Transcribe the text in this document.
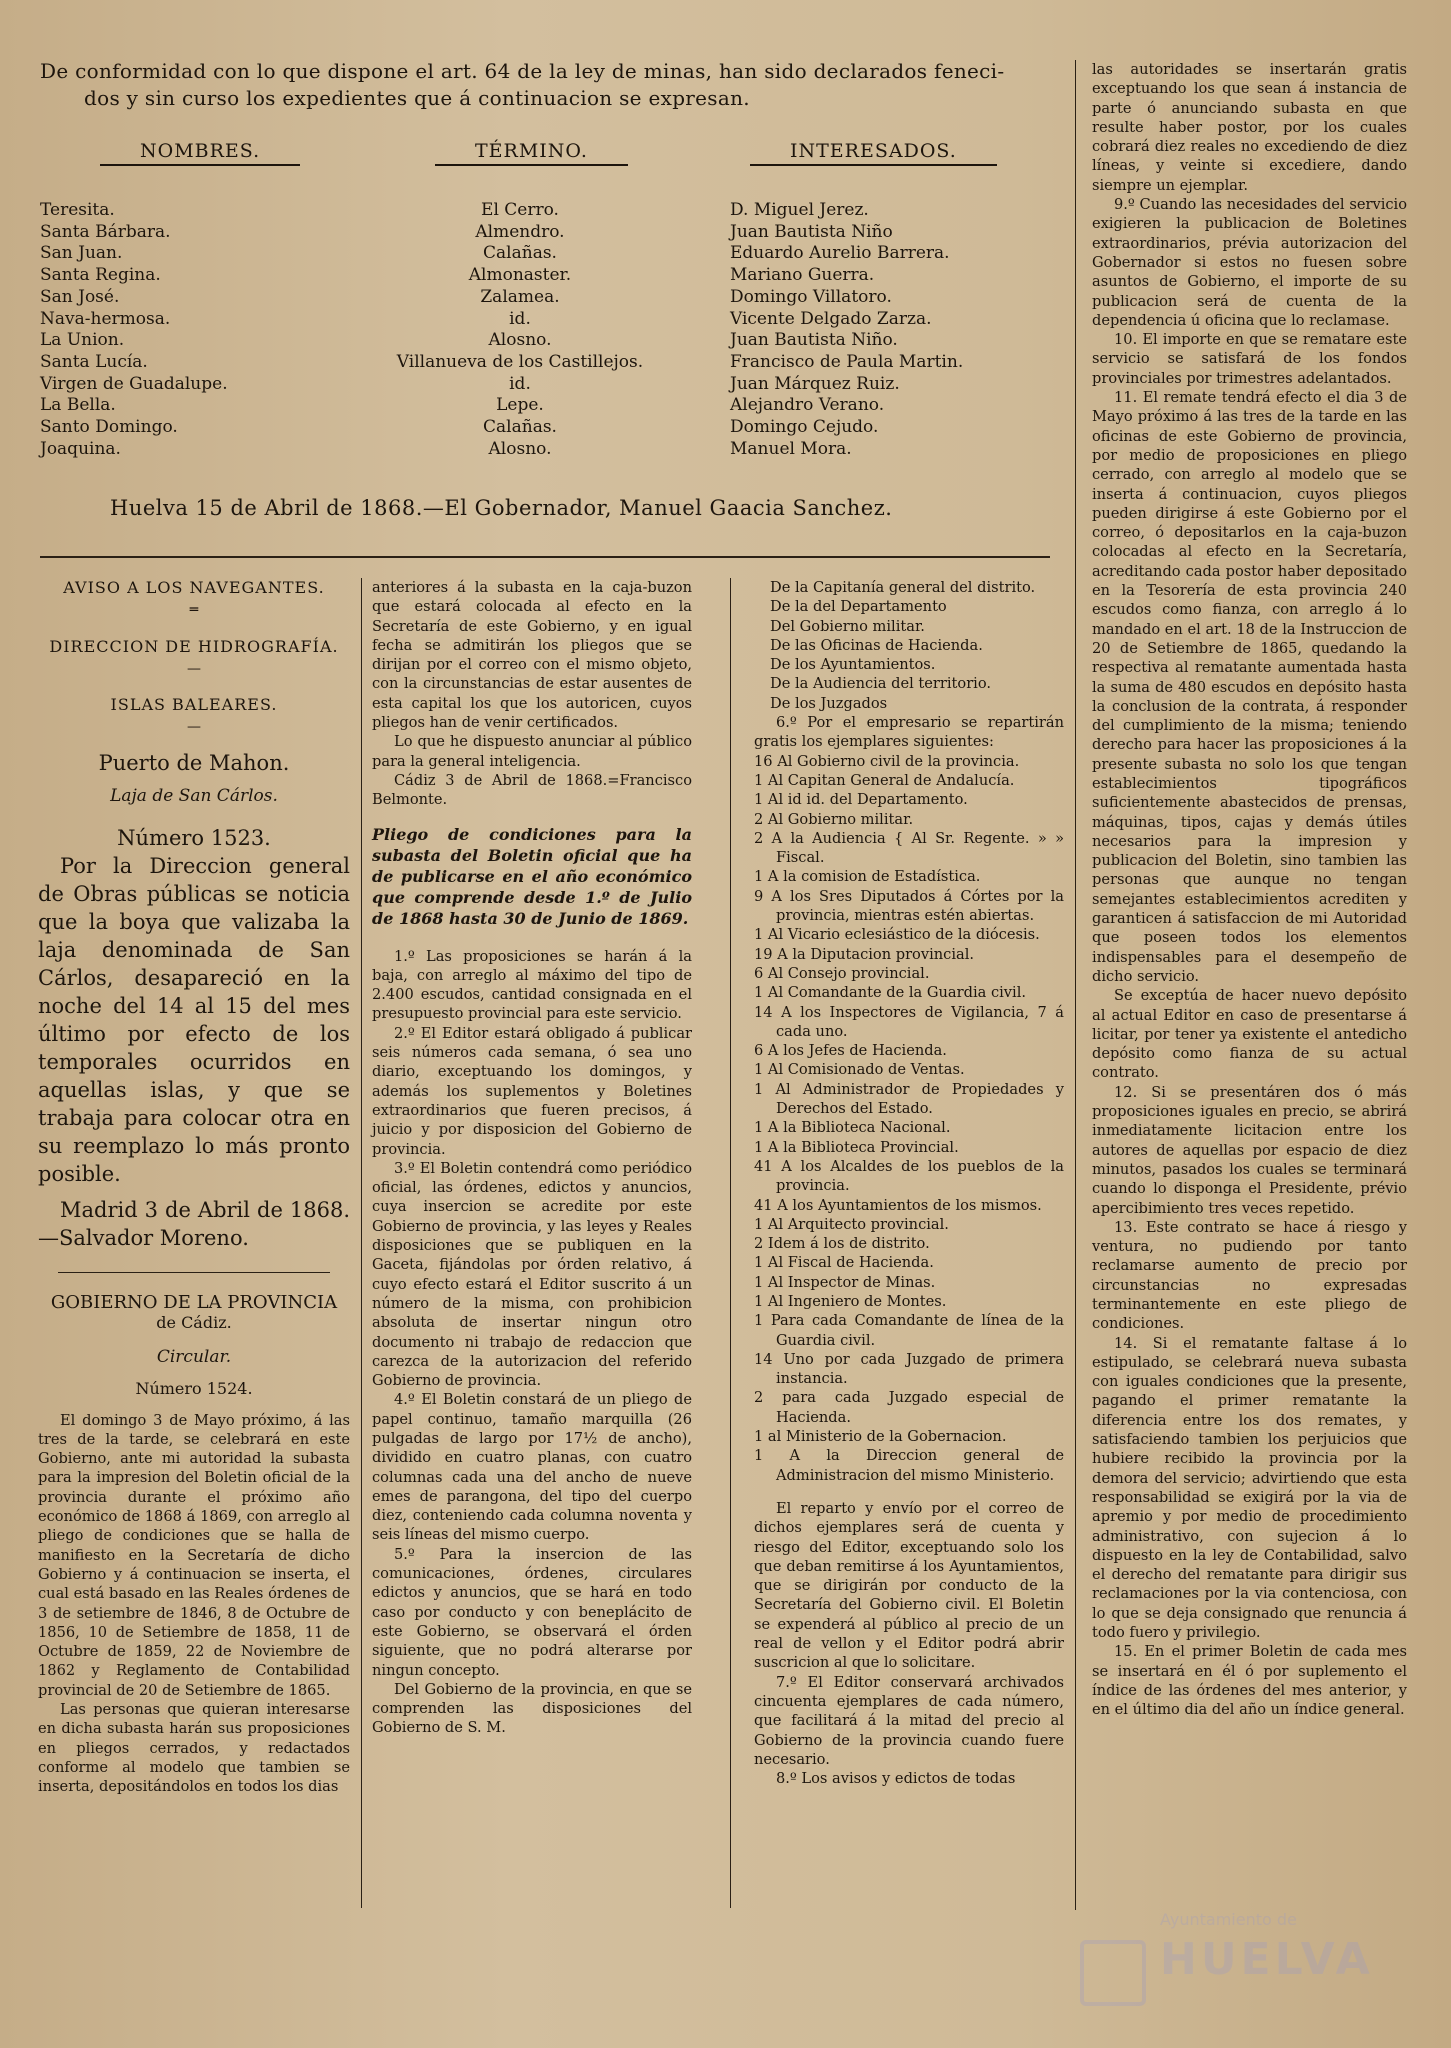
De conformidad con lo que dispone el art. 64 de la ley de minas, han sido declarados feneci-

dos y sin curso los expedientes que á continuacion se expresan.

NOMBRES.	TÉRMINO.	INTERESADOS.
Teresita.
Santa Bárbara.
San Juan.
Santa Regina.
San José.
Nava-hermosa.
La Union.
Santa Lucía.
Virgen de Guadalupe.
La Bella.
Santo Domingo.
Joaquina.
El Cerro.
Almendro.
Calañas.
Almonaster.
Zalamea.
id.
Alosno.
Villanueva de los Castillejos.
id.
Lepe.
Calañas.
Alosno.
D. Miguel Jerez.
Juan Bautista Niño
Eduardo Aurelio Barrera.
Mariano Guerra.
Domingo Villatoro.
Vicente Delgado Zarza.
Juan Bautista Niño.
Francisco de Paula Martin.
Juan Márquez Ruiz.
Alejandro Verano.
Domingo Cejudo.
Manuel Mora.
Huelva 15 de Abril de 1868.—El Gobernador, Manuel Gaacia Sanchez.

AVISO A LOS NAVEGANTES.

═

DIRECCION DE HIDROGRAFÍA.

—

ISLAS BALEARES.

—

Puerto de Mahon.

Laja de San Cárlos.

Número 1523.

Por la Direccion general de Obras públicas se noticia que la boya que valizaba la laja denominada de San Cárlos, desapareció en la noche del 14 al 15 del mes último por efecto de los temporales ocurridos en aquellas islas, y que se trabaja para colocar otra en su reemplazo lo más pronto posible.

Madrid 3 de Abril de 1868. —Salvador Moreno.

GOBIERNO DE LA PROVINCIA

de Cádiz.

Circular.

Número 1524.

El domingo 3 de Mayo próximo, á las tres de la tarde, se celebrará en este Gobierno, ante mi autoridad la subasta para la impresion del Boletin oficial de la provincia durante el próximo año económico de 1868 á 1869, con arreglo al pliego de condiciones que se halla de manifiesto en la Secretaría de dicho Gobierno y á continuacion se inserta, el cual está basado en las Reales órdenes de 3 de setiembre de 1846, 8 de Octubre de 1856, 10 de Setiembre de 1858, 11 de Octubre de 1859, 22 de Noviembre de 1862 y Reglamento de Contabilidad provincial de 20 de Setiembre de 1865.

Las personas que quieran interesarse en dicha subasta harán sus proposiciones en pliegos cerrados, y redactados conforme al modelo que tambien se inserta, depositándolos en todos los dias

anteriores á la subasta en la caja-buzon que estará colocada al efecto en la Secretaría de este Gobierno, y en igual fecha se admitirán los pliegos que se dirijan por el correo con el mismo objeto, con la circunstancias de estar ausentes de esta capital los que los autoricen, cuyos pliegos han de venir certificados.

Lo que he dispuesto anunciar al público para la general inteligencia.

Cádiz 3 de Abril de 1868.=Francisco Belmonte.

Pliego de condiciones para la subasta del Boletin oficial que ha de publicarse en el año económico que comprende desde 1.º de Julio de 1868 hasta 30 de Junio de 1869.

1.º Las proposiciones se harán á la baja, con arreglo al máximo del tipo de 2.400 escudos, cantidad consignada en el presupuesto provincial para este servicio.

2.º El Editor estará obligado á publicar seis números cada semana, ó sea uno diario, exceptuando los domingos, y además los suplementos y Boletines extraordinarios que fueren precisos, á juicio y por disposicion del Gobierno de provincia.

3.º El Boletin contendrá como periódico oficial, las órdenes, edictos y anuncios, cuya insercion se acredite por este Gobierno de provincia, y las leyes y Reales disposiciones que se publiquen en la Gaceta, fijándolas por órden relativo, á cuyo efecto estará el Editor suscrito á un número de la misma, con prohibicion absoluta de insertar ningun otro documento ni trabajo de redaccion que carezca de la autorizacion del referido Gobierno de provincia.

4.º El Boletin constará de un pliego de papel continuo, tamaño marquilla (26 pulgadas de largo por 17½ de ancho), dividido en cuatro planas, con cuatro columnas cada una del ancho de nueve emes de parangona, del tipo del cuerpo diez, conteniendo cada columna noventa y seis líneas del mismo cuerpo.

5.º Para la insercion de las comunicaciones, órdenes, circulares edictos y anuncios, que se hará en todo caso por conducto y con beneplácito de este Gobierno, se observará el órden siguiente, que no podrá alterarse por ningun concepto.

Del Gobierno de la provincia, en que se comprenden las disposiciones del Gobierno de S. M.

De la Capitanía general del distrito.
De la del Departamento
Del Gobierno militar.
De las Oficinas de Hacienda.
De los Ayuntamientos.
De la Audiencia del territorio.
De los Juzgados

6.º Por el empresario se repartirán gratis los ejemplares siguientes:

16 Al Gobierno civil de la provincia.
1 Al Capitan General de Andalucía.
1 Al id id. del Departamento.
2 Al Gobierno militar.
2 A la Audiencia { Al Sr. Regente. » » Fiscal.
1 A la comision de Estadística.
9 A los Sres Diputados á Córtes por la provincia, mientras estén abiertas.
1 Al Vicario eclesiástico de la diócesis.
19 A la Diputacion provincial.
6 Al Consejo provincial.
1 Al Comandante de la Guardia civil.
14 A los Inspectores de Vigilancia, 7 á cada uno.
6 A los Jefes de Hacienda.
1 Al Comisionado de Ventas.
1 Al Administrador de Propiedades y Derechos del Estado.
1 A la Biblioteca Nacional.
1 A la Biblioteca Provincial.
41 A los Alcaldes de los pueblos de la provincia.
41 A los Ayuntamientos de los mismos.
1 Al Arquitecto provincial.
2 Idem á los de distrito.
1 Al Fiscal de Hacienda.
1 Al Inspector de Minas.
1 Al Ingeniero de Montes.
1 Para cada Comandante de línea de la Guardia civil.
14 Uno por cada Juzgado de primera instancia.
2 para cada Juzgado especial de Hacienda.
1 al Ministerio de la Gobernacion.
1 A la Direccion general de Administracion del mismo Ministerio.

El reparto y envío por el correo de dichos ejemplares será de cuenta y riesgo del Editor, exceptuando solo los que deban remitirse á los Ayuntamientos, que se dirigirán por conducto de la Secretaría del Gobierno civil. El Boletin se expenderá al público al precio de un real de vellon y el Editor podrá abrir suscricion al que lo solicitare.

7.º El Editor conservará archivados cincuenta ejemplares de cada número, que facilitará á la mitad del precio al Gobierno de la provincia cuando fuere necesario.

8.º Los avisos y edictos de todas

las autoridades se insertarán gratis exceptuando los que sean á instancia de parte ó anunciando subasta en que resulte haber postor, por los cuales cobrará diez reales no excediendo de diez líneas, y veinte si excediere, dando siempre un ejemplar.

9.º Cuando las necesidades del servicio exigieren la publicacion de Boletines extraordinarios, prévia autorizacion del Gobernador si estos no fuesen sobre asuntos de Gobierno, el importe de su publicacion será de cuenta de la dependencia ú oficina que lo reclamase.

10. El importe en que se rematare este servicio se satisfará de los fondos provinciales por trimestres adelantados.

11. El remate tendrá efecto el dia 3 de Mayo próximo á las tres de la tarde en las oficinas de este Gobierno de provincia, por medio de proposiciones en pliego cerrado, con arreglo al modelo que se inserta á continuacion, cuyos pliegos pueden dirigirse á este Gobierno por el correo, ó depositarlos en la caja-buzon colocadas al efecto en la Secretaría, acreditando cada postor haber depositado en la Tesorería de esta provincia 240 escudos como fianza, con arreglo á lo mandado en el art. 18 de la Instruccion de 20 de Setiembre de 1865, quedando la respectiva al rematante aumentada hasta la suma de 480 escudos en depósito hasta la conclusion de la contrata, á responder del cumplimiento de la misma; teniendo derecho para hacer las proposiciones á la presente subasta no solo los que tengan establecimientos tipográficos suficientemente abastecidos de prensas, máquinas, tipos, cajas y demás útiles necesarios para la impresion y publicacion del Boletin, sino tambien las personas que aunque no tengan semejantes establecimientos acrediten y garanticen á satisfaccion de mi Autoridad que poseen todos los elementos indispensables para el desempeño de dicho servicio.

Se exceptúa de hacer nuevo depósito al actual Editor en caso de presentarse á licitar, por tener ya existente el antedicho depósito como fianza de su actual contrato.

12. Si se presentáren dos ó más proposiciones iguales en precio, se abrirá inmediatamente licitacion entre los autores de aquellas por espacio de diez minutos, pasados los cuales se terminará cuando lo disponga el Presidente, prévio apercibimiento tres veces repetido.

13. Este contrato se hace á riesgo y ventura, no pudiendo por tanto reclamarse aumento de precio por circunstancias no expresadas terminantemente en este pliego de condiciones.

14. Si el rematante faltase á lo estipulado, se celebrará nueva subasta con iguales condiciones que la presente, pagando el primer rematante la diferencia entre los dos remates, y satisfaciendo tambien los perjuicios que hubiere recibido la provincia por la demora del servicio; advirtiendo que esta responsabilidad se exigirá por la via de apremio y por medio de procedimiento administrativo, con sujecion á lo dispuesto en la ley de Contabilidad, salvo el derecho del rematante para dirigir sus reclamaciones por la via contenciosa, con lo que se deja consignado que renuncia á todo fuero y privilegio.

15. En el primer Boletin de cada mes se insertará en él ó por suplemento el índice de las órdenes del mes anterior, y en el último dia del año un índice general.

Ayuntamiento de
HUELVA
